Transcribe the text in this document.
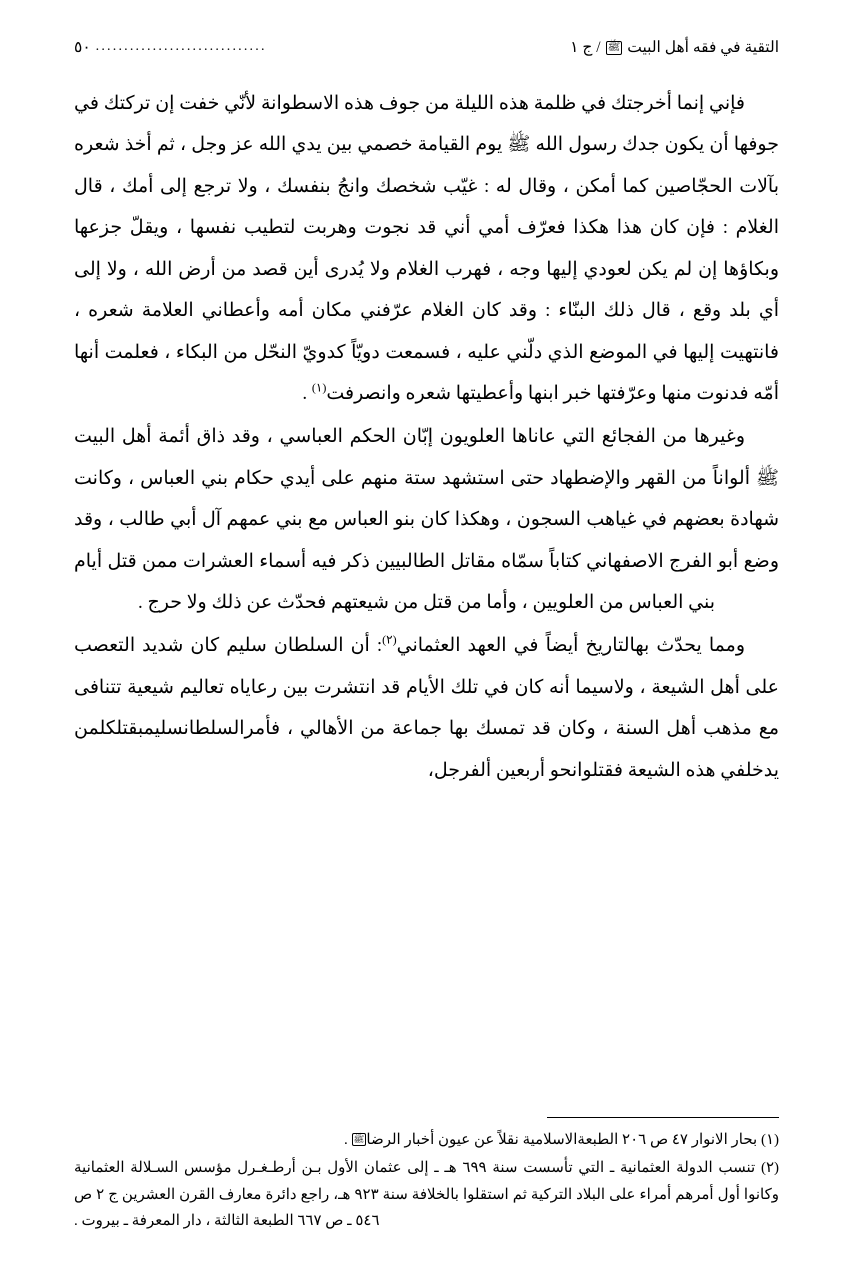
التقية في فقه أهل البيت
ﷺ
/ ج ١
..............................
٥٠

فإني إنما أخرجتك في ظلمة هذه الليلة من جوف هذه الاسطوانة لأنّي خفت إن تركتك في جوفها أن يكون جدك رسول الله ﷺ يوم القيامة خصمي بين يدي الله عز وجل ، ثم أخذ شعره بآلات الحجّاصين كما أمكن ، وقال له : غيّب شخصك وانجُ بنفسك ، ولا ترجع إلى أمك ، قال الغلام : فإن كان هذا هكذا فعرّف أمي أني قد نجوت وهربت لتطيب نفسها ، ويقلّ جزعها وبكاؤها إن لم يكن لعودي إليها وجه ، فهرب الغلام ولا يُدرى أين قصد من أرض الله ، ولا إلى أي بلد وقع ، قال ذلك البنّاء : وقد كان الغلام عرّفني مكان أمه وأعطاني العلامة شعره ، فانتهيت إليها في الموضع الذي دلّني عليه ، فسمعت دويّاً كدويّ النحّل من البكاء ، فعلمت أنها أمّه فدنوت منها وعرّفتها خبر ابنها وأعطيتها شعره وانصرفت$^{(١)}$ .

وغيرها من الفجائع التي عاناها العلويون إبّان الحكم العباسي ، وقد ذاق أئمة أهل البيت ﷺ ألواناً من القهر والإضطهاد حتى استشهد ستة منهم على أيدي حكام بني العباس ، وكانت شهادة بعضهم في غياهب السجون ، وهكذا كان بنو العباس مع بني عمهم آل أبي طالب ، وقد وضع أبو الفرج الاصفهاني كتاباً سمّاه مقاتل الطالبيين ذكر فيه أسماء العشرات ممن قتل أيام بني العباس من العلويين ، وأما من قتل من شيعتهم فحدّث عن ذلك ولا حرج .

ومما يحدّث بهالتاريخ أيضاً في العهد العثماني$^{(٢)}$: أن السلطان سليم كان شديد التعصب على أهل الشيعة ، ولاسيما أنه كان في تلك الأيام قد انتشرت بين رعاياه تعاليم شيعية تتنافى مع مذهب أهل السنة ، وكان قد تمسك بها جماعة من الأهالي ، فأمرالسلطانسليمبقتلكلمن يدخلفي هذه الشيعة فقتلوانحو أربعين ألفرجل،

(١) بحار الانوار ٤٧ ص ٢٠٦ الطبعةالاسلامية نقلاً عن عيون أخبار الرضاﷺ .

(٢) تنسب الدولة العثمانية ـ التي تأسست سنة ٦٩٩ هـ ـ إلى عثمان الأول بـن أرطـغـرل مؤسس السـلالة العثمانية وكانوا أول أمرهم أمراء على البلاد التركية ثم استقلوا بالخلافة سنة ٩٢٣ هـ، راجع دائرة معارف القرن العشرين ج ٢ ص ٥٤٦ ـ ص ٦٦٧ الطبعة الثالثة ، دار المعرفة ـ بيروت .
